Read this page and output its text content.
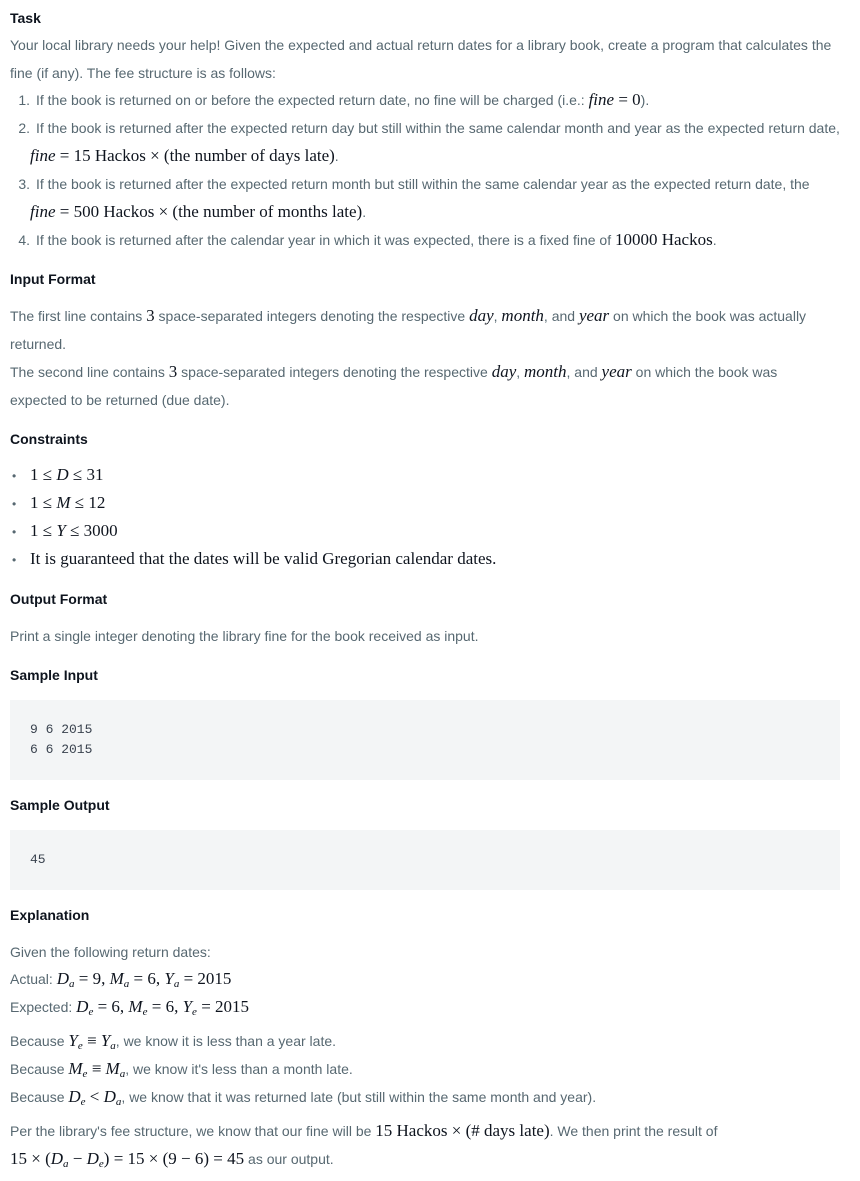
Task
Your local library needs your help! Given the expected and actual return dates for a library book, create a program that calculates the
fine (if any). The fee structure is as follows:
1. If the book is returned on or before the expected return date, no fine will be charged (i.e.: fine = 0).
2. If the book is returned after the expected return day but still within the same calendar month and year as the expected return date,
fine = 15 Hackos × (the number of days late).
3. If the book is returned after the expected return month but still within the same calendar year as the expected return date, the
fine = 500 Hackos × (the number of months late).
4. If the book is returned after the calendar year in which it was expected, there is a fixed fine of 10000 Hackos.
Input Format
The first line contains 3 space-separated integers denoting the respective day, month, and year on which the book was actually
returned.
The second line contains 3 space-separated integers denoting the respective day, month, and year on which the book was
expected to be returned (due date).
Constraints
• 1 ≤ D ≤ 31
• 1 ≤ M ≤ 12
• 1 ≤ Y ≤ 3000
• It is guaranteed that the dates will be valid Gregorian calendar dates.
Output Format
Print a single integer denoting the library fine for the book received as input.
Sample Input
9 6 2015
6 6 2015
Sample Output
45
Explanation
Given the following return dates:
Actual: $D_a = 9$, $M_a = 6$, $Y_a = 2015$
Expected: $D_e = 6$, $M_e = 6$, $Y_e = 2015$
Because $Y_e \equiv Y_a$, we know it is less than a year late.
Because $M_e \equiv M_a$, we know it's less than a month late.
Because $D_e < D_a$, we know that it was returned late (but still within the same month and year).
Per the library's fee structure, we know that our fine will be 15 Hackos × (# days late). We then print the result of
$15 \times (D_a - D_e) = 15 \times (9 - 6) = 45$ as our output.
